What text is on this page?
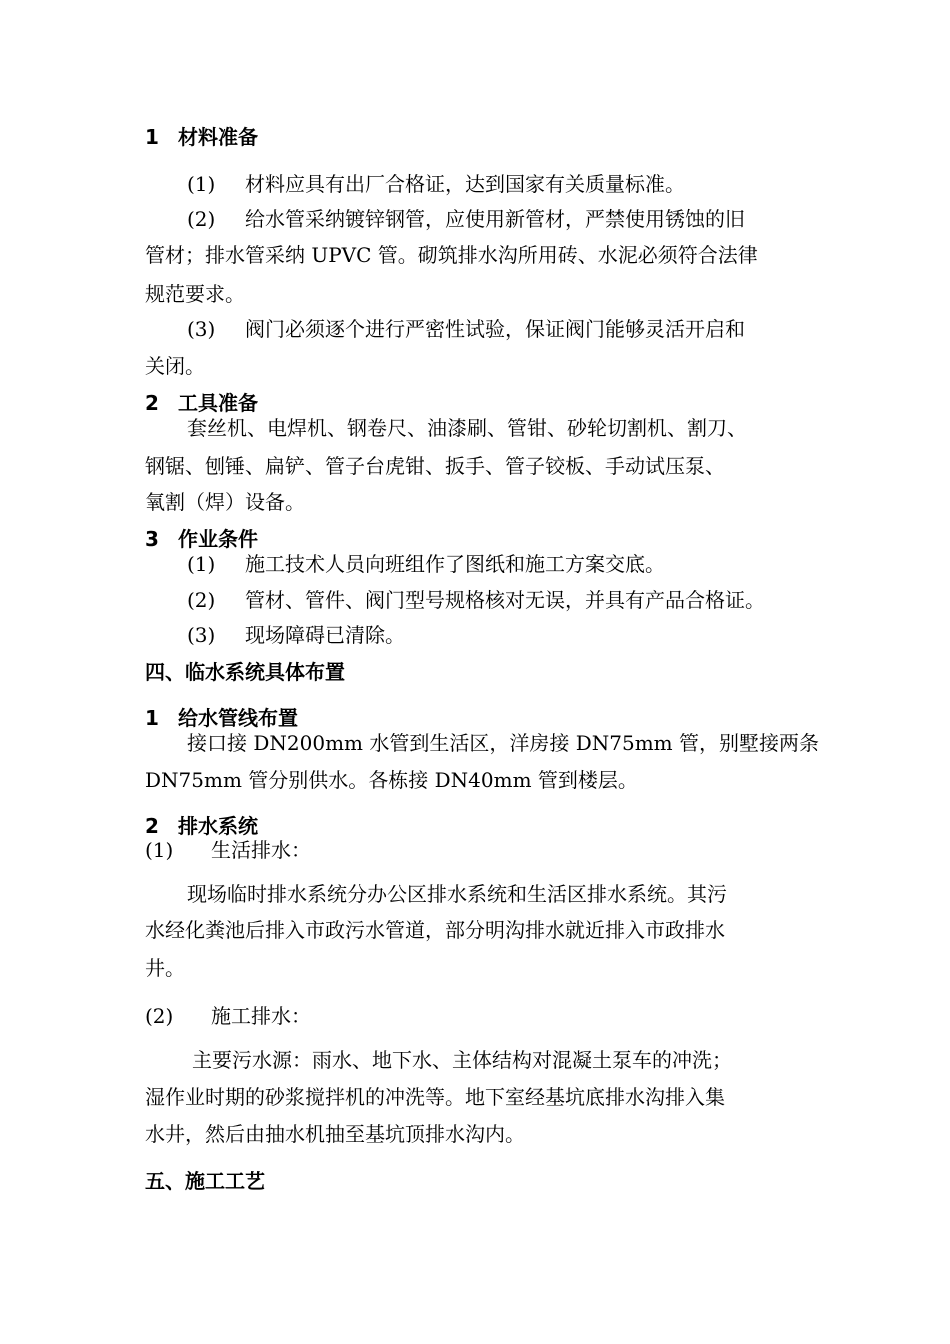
1 材料准备
(1) 材料应具有出厂合格证，达到国家有关质量标准。
(2) 给水管采纳镀锌钢管，应使用新管材，严禁使用锈蚀的旧
管材；排水管采纳 UPVC 管。砌筑排水沟所用砖、水泥必须符合法律
规范要求。
(3) 阀门必须逐个进行严密性试验，保证阀门能够灵活开启和
关闭。
2 工具准备
套丝机、电焊机、钢卷尺、油漆刷、管钳、砂轮切割机、割刀、
钢锯、刨锤、扁铲、管子台虎钳、扳手、管子铰板、手动试压泵、
氧割（焊）设备。
3 作业条件
(1) 施工技术人员向班组作了图纸和施工方案交底。
(2) 管材、管件、阀门型号规格核对无误，并具有产品合格证。
(3) 现场障碍已清除。
四、临水系统具体布置
1 给水管线布置
接口接 DN200mm 水管到生活区，洋房接 DN75mm 管，别墅接两条
DN75mm 管分别供水。各栋接 DN40mm 管到楼层。
2 排水系统
(1) 生活排水：
现场临时排水系统分办公区排水系统和生活区排水系统。其污
水经化粪池后排入市政污水管道，部分明沟排水就近排入市政排水
井。
(2) 施工排水：
主要污水源：雨水、地下水、主体结构对混凝土泵车的冲洗；
湿作业时期的砂浆搅拌机的冲洗等。地下室经基坑底排水沟排入集
水井，然后由抽水机抽至基坑顶排水沟内。
五、施工工艺
